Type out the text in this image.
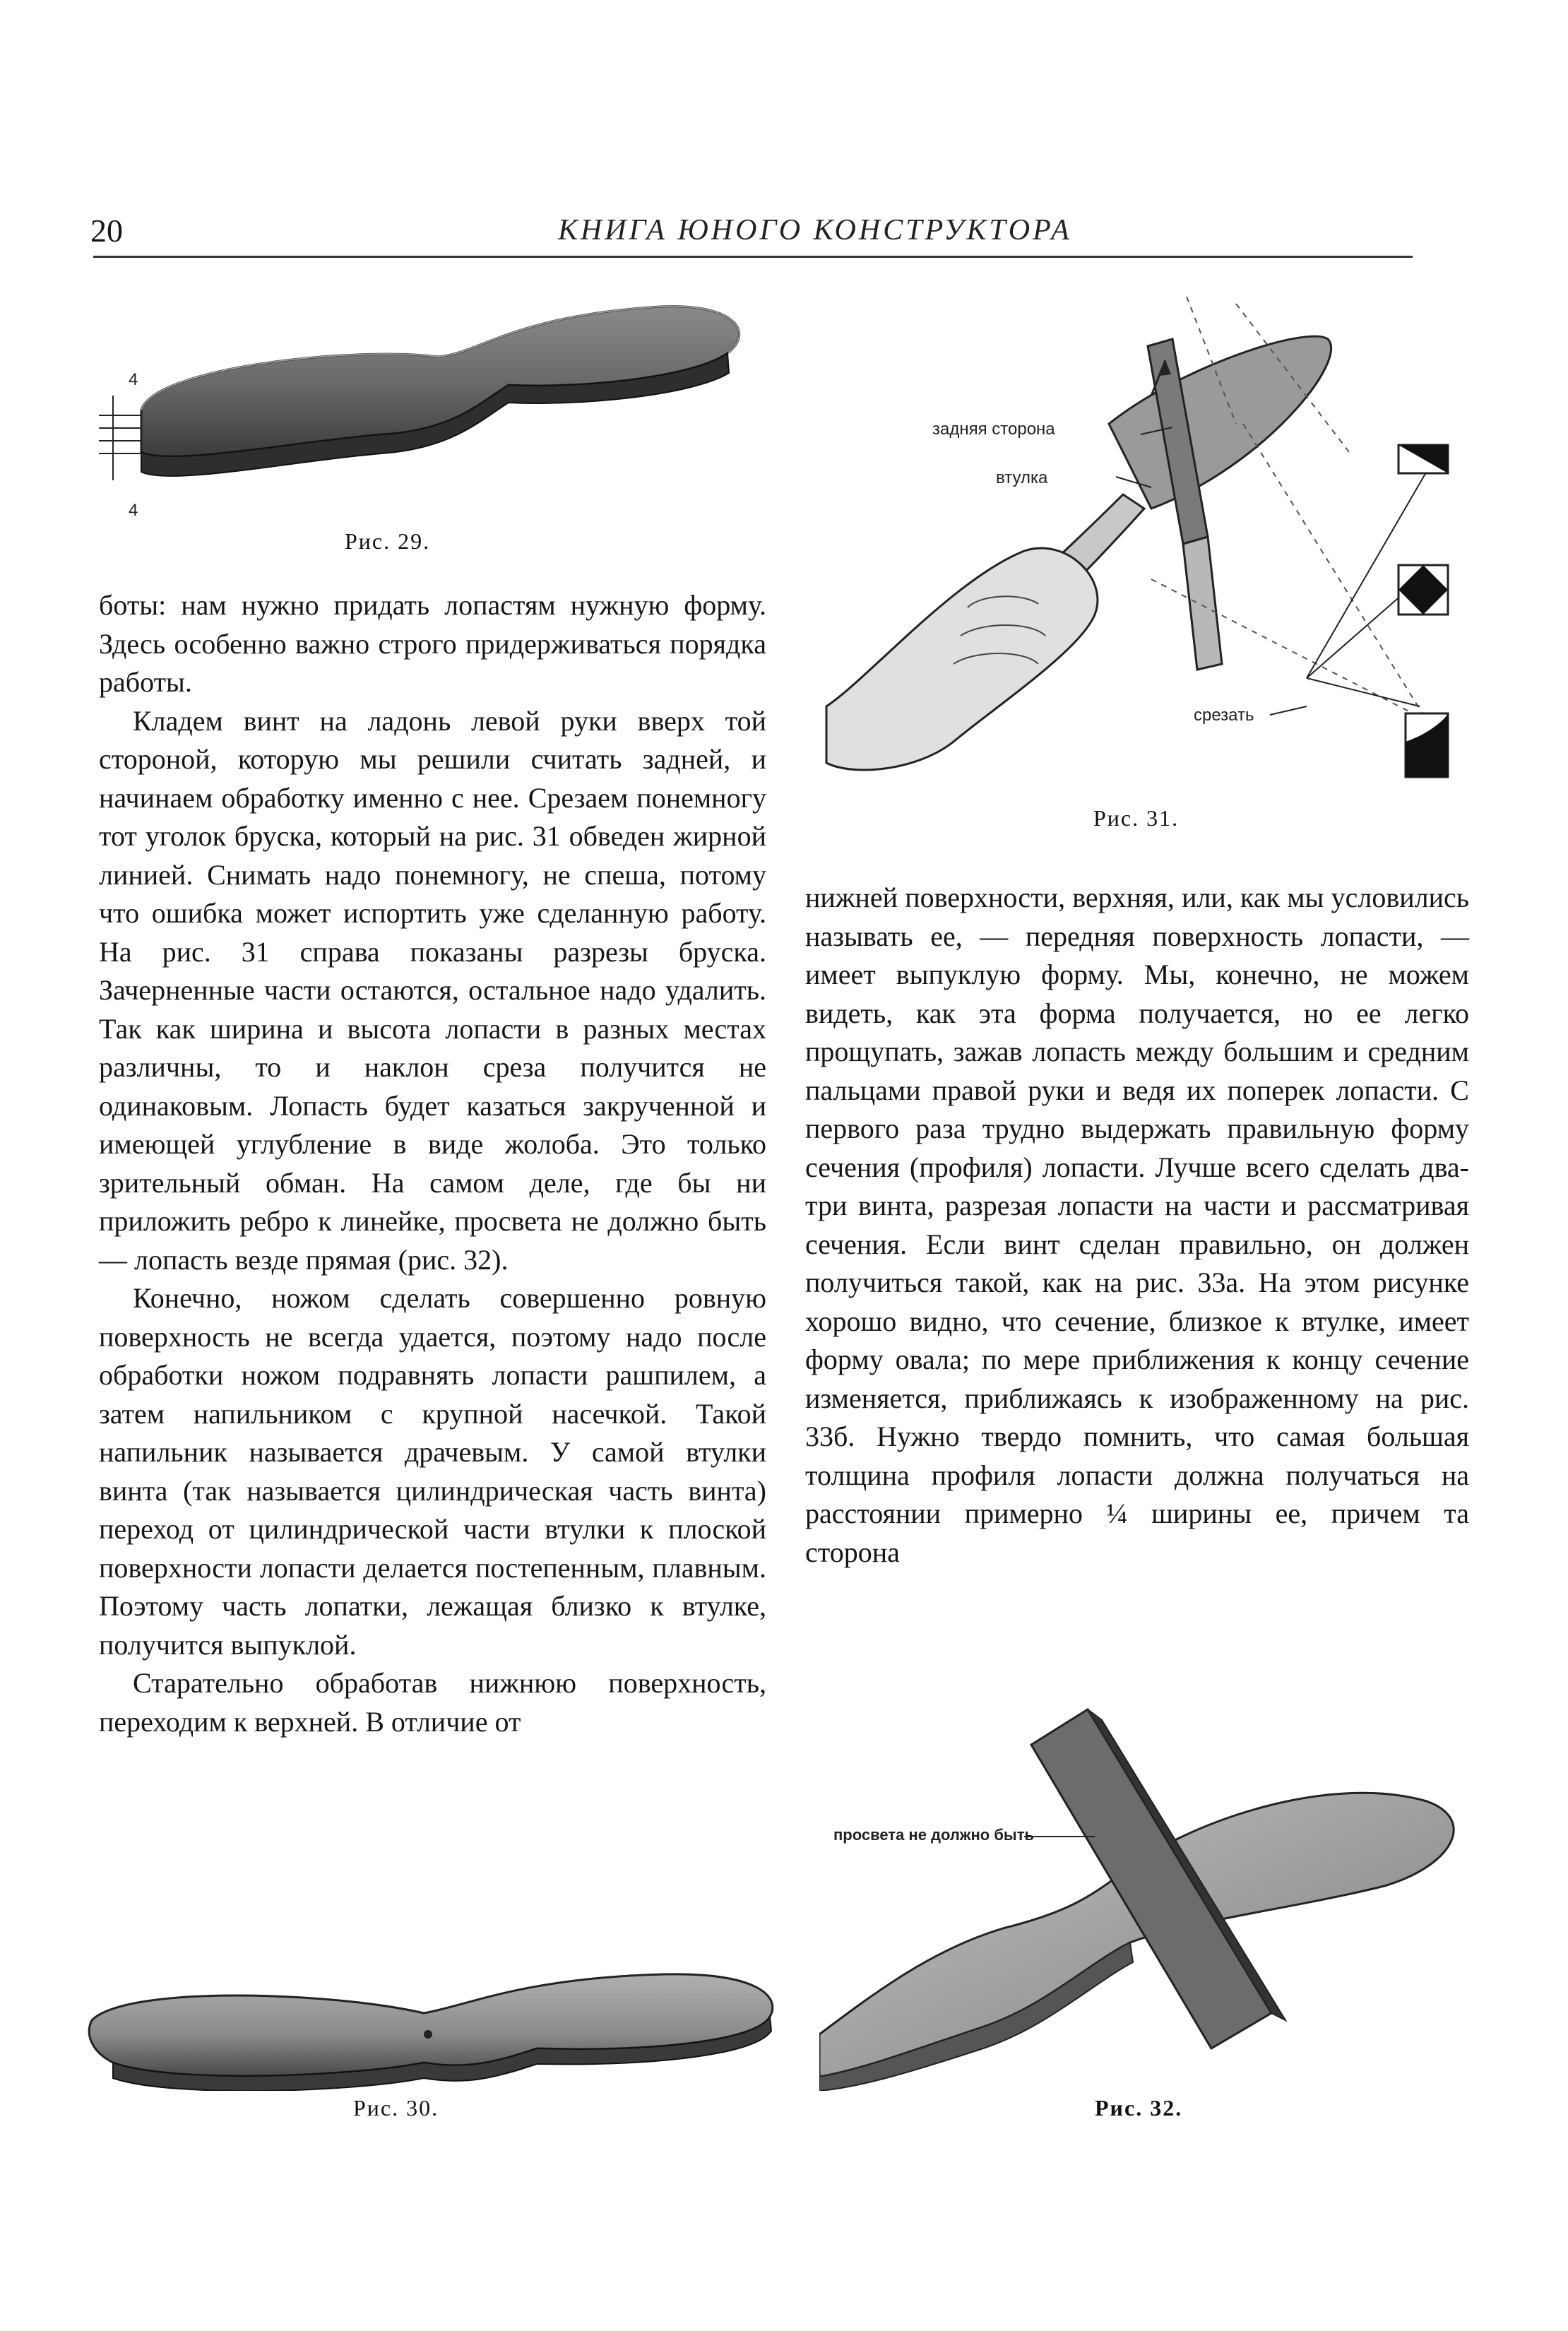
20	КНИГА ЮНОГО КОНСТРУКТОРА
4
4
Рис. 29.
задняя сторона
втулка
срезать
Рис. 31.

боты: нам нужно придать лопастям нужную форму. Здесь особенно важно строго придерживаться порядка работы.

Кладем винт на ладонь левой руки вверх той стороной, которую мы решили считать задней, и начинаем обработку именно с нее. Срезаем понемногу тот уголок бруска, который на рис. 31 обведен жирной линией. Снимать надо понемногу, не спеша, потому что ошибка может испортить уже сделанную работу. На рис. 31 справа показаны разрезы бруска. Зачерненные части остаются, остальное надо удалить. Так как ширина и высота лопасти в разных местах различны, то и наклон среза получится не одинаковым. Лопасть будет казаться закрученной и имеющей углубление в виде жолоба. Это только зрительный обман. На самом деле, где бы ни приложить ребро к линейке, просвета не должно быть — лопасть везде прямая (рис. 32).

Конечно, ножом сделать совершенно ровную поверхность не всегда удается, поэтому надо после обработки ножом подравнять лопасти рашпилем, а затем напильником с крупной насечкой. Такой напильник называется драчевым. У самой втулки винта (так называется цилиндрическая часть винта) переход от цилиндрической части втулки к плоской поверхности лопасти делается постепенным, плавным. Поэтому часть лопатки, лежащая близко к втулке, получится выпуклой.

Старательно обработав нижнюю поверхность, переходим к верхней. В отличие от

нижней поверхности, верхняя, или, как мы условились называть ее, — передняя поверхность лопасти, — имеет выпуклую форму. Мы, конечно, не можем видеть, как эта форма получается, но ее легко прощупать, зажав лопасть между большим и средним пальцами правой руки и ведя их поперек лопасти. С первого раза трудно выдержать правильную форму сечения (профиля) лопасти. Лучше всего сделать два-три винта, разрезая лопасти на части и рассматривая сечения. Если винт сделан правильно, он должен получиться такой, как на рис. 33а. На этом рисунке хорошо видно, что сечение, близкое к втулке, имеет форму овала; по мере приближения к концу сечение изменяется, приближаясь к изображенному на рис. 33б. Нужно твердо помнить, что самая большая толщина профиля лопасти должна получаться на расстоянии примерно ¼ ширины ее, причем та сторона

Рис. 30.
просвета не должно быть
Рис. 32.
